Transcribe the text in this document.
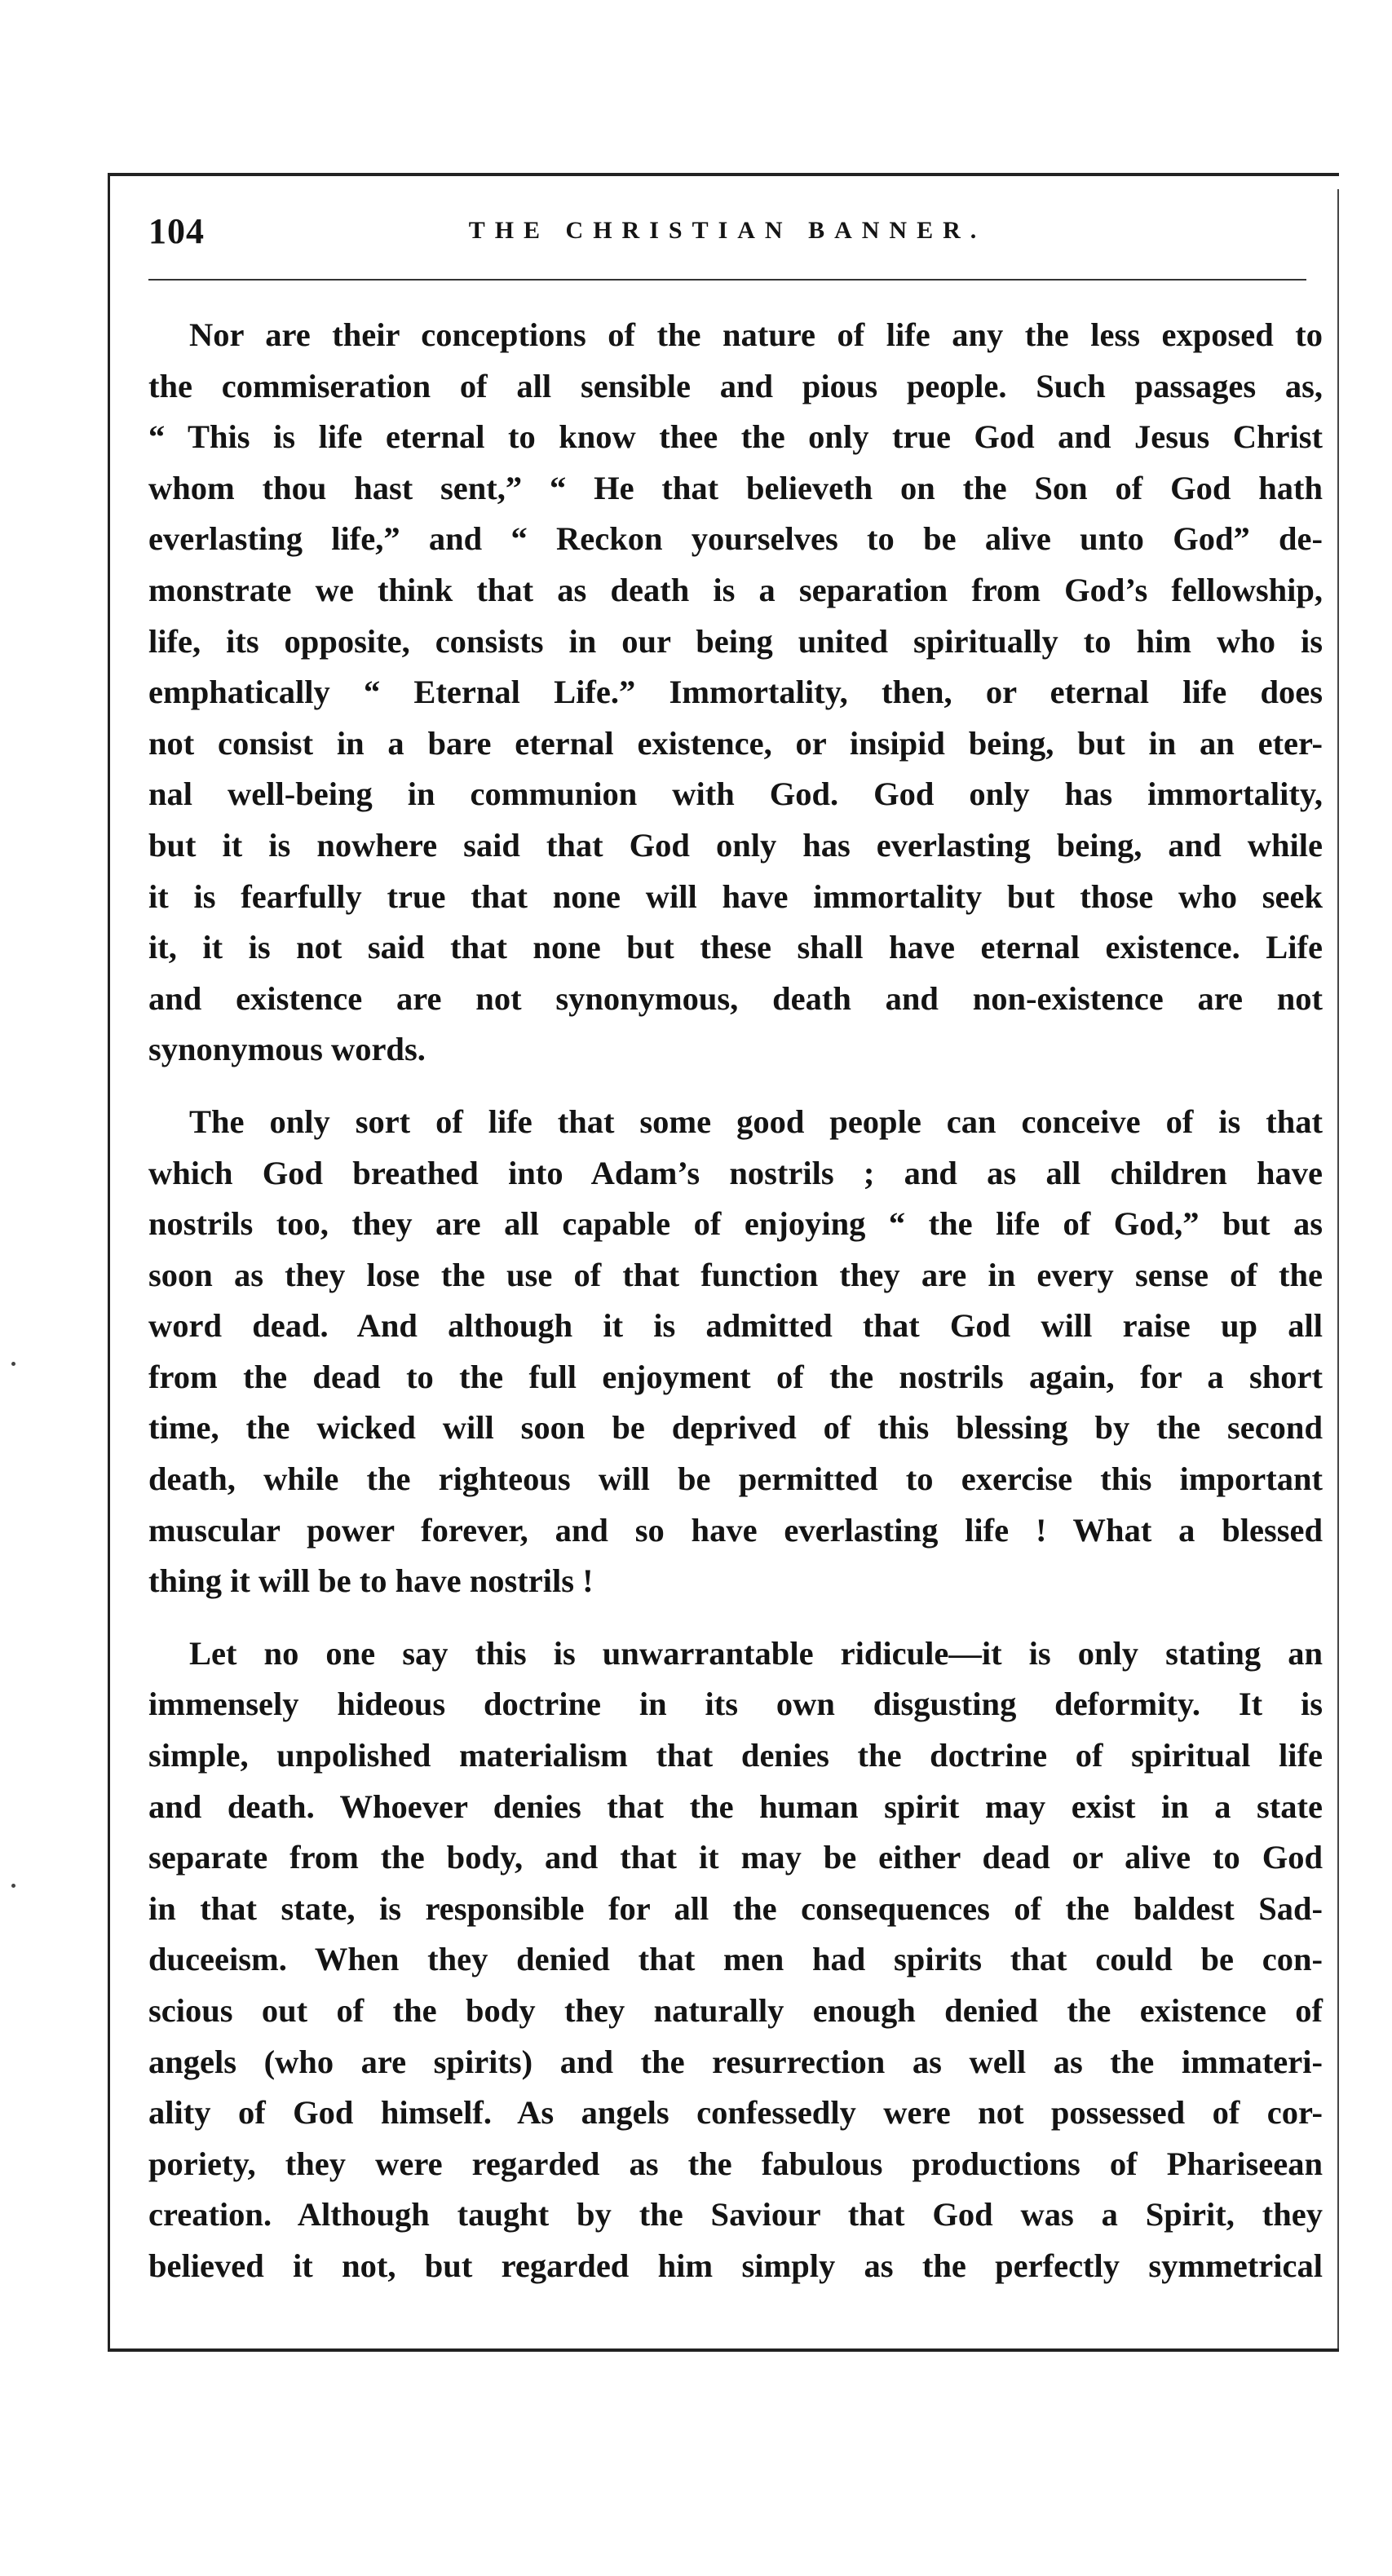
104	THE CHRISTIAN BANNER.
Nor are their conceptions of the nature of life any the less exposed to
the commiseration of all sensible and pious people. Such passages as,
“ This is life eternal to know thee the only true God and Jesus Christ
whom thou hast sent,” “ He that believeth on the Son of God hath
everlasting life,” and “ Reckon yourselves to be alive unto God” de-
monstrate we think that as death is a separation from God’s fellowship,
life, its opposite, consists in our being united spiritually to him who is
emphatically “ Eternal Life.” Immortality, then, or eternal life does
not consist in a bare eternal existence, or insipid being, but in an eter-
nal well-being in communion with God. God only has immortality,
but it is nowhere said that God only has everlasting being, and while
it is fearfully true that none will have immortality but those who seek
it, it is not said that none but these shall have eternal existence. Life
and existence are not synonymous, death and non-existence are not
synonymous words.
The only sort of life that some good people can conceive of is that
which God breathed into Adam’s nostrils ; and as all children have
nostrils too, they are all capable of enjoying “ the life of God,” but as
soon as they lose the use of that function they are in every sense of the
word dead. And although it is admitted that God will raise up all
from the dead to the full enjoyment of the nostrils again, for a short
time, the wicked will soon be deprived of this blessing by the second
death, while the righteous will be permitted to exercise this important
muscular power forever, and so have everlasting life ! What a blessed
thing it will be to have nostrils !
Let no one say this is unwarrantable ridicule—it is only stating an
immensely hideous doctrine in its own disgusting deformity. It is
simple, unpolished materialism that denies the doctrine of spiritual life
and death. Whoever denies that the human spirit may exist in a state
separate from the body, and that it may be either dead or alive to God
in that state, is responsible for all the consequences of the baldest Sad-
duceeism. When they denied that men had spirits that could be con-
scious out of the body they naturally enough denied the existence of
angels (who are spirits) and the resurrection as well as the immateri-
ality of God himself. As angels confessedly were not possessed of cor-
poriety, they were regarded as the fabulous productions of Phariseean
creation. Although taught by the Saviour that God was a Spirit, they
believed it not, but regarded him simply as the perfectly symmetrical
